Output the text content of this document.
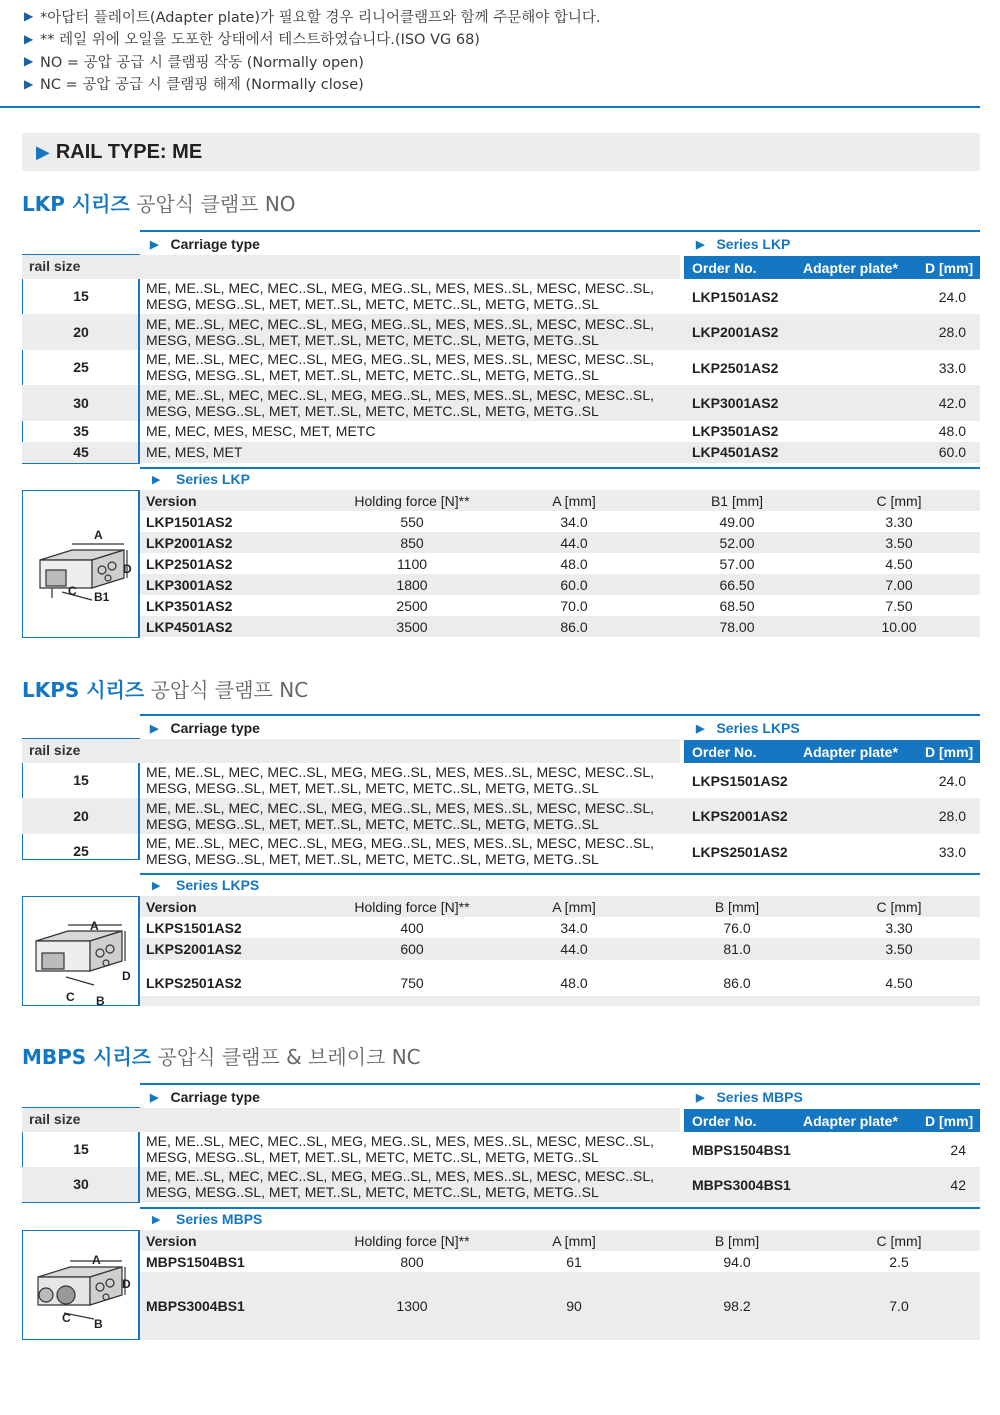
▶ *아답터 플레이트(Adapter plate)가 필요할 경우 리니어클램프와 함께 주문해야 합니다.
▶ ** 레일 위에 오일을 도포한 상태에서 테스트하였습니다.(ISO VG 68)
▶ NO = 공압 공급 시 클램핑 작동 (Normally open)
▶ NC = 공압 공급 시 클램핑 해제 (Normally close)
▶ RAIL TYPE: ME
LKP 시리즈 공압식 클램프 NO
▶ Carriage type	▶ Series LKP
rail size	Order No.	Adapter plate* D [mm]
15	ME, ME..SL, MEC, MEC..SL, MEG, MEG..SL, MES, MES..SL, MESC, MESC..SL,
MESG, MESG..SL, MET, MET..SL, METC, METC..SL, METG, METG..SL	LKP1501AS2	24.0
20	ME, ME..SL, MEC, MEC..SL, MEG, MEG..SL, MES, MES..SL, MESC, MESC..SL,
MESG, MESG..SL, MET, MET..SL, METC, METC..SL, METG, METG..SL	LKP2001AS2	28.0
25	ME, ME..SL, MEC, MEC..SL, MEG, MEG..SL, MES, MES..SL, MESC, MESC..SL,
MESG, MESG..SL, MET, MET..SL, METC, METC..SL, METG, METG..SL	LKP2501AS2	33.0
30	ME, ME..SL, MEC, MEC..SL, MEG, MEG..SL, MES, MES..SL, MESC, MESC..SL,
MESG, MESG..SL, MET, MET..SL, METC, METC..SL, METG, METG..SL	LKP3001AS2	42.0
35	ME, MEC, MES, MESC, MET, METC	LKP3501AS2	48.0
45	ME, MES, MET	LKP4501AS2	60.0
▶ Series LKP
Version	Holding force [N]**	A [mm]	B1 [mm]	C [mm]
LKP1501AS2	550	34.0	49.00	3.30
LKP2001AS2	850	44.0	52.00	3.50
LKP2501AS2	1100	48.0	57.00	4.50
LKP3001AS2	1800	60.0	66.50	7.00
LKP3501AS2	2500	70.0	68.50	7.50
LKP4501AS2	3500	86.0	78.00	10.00
A
D
C B1
LKPS 시리즈 공압식 클램프 NC
▶ Carriage type	▶ Series LKPS
rail size	Order No.	Adapter plate* D [mm]
15	ME, ME..SL, MEC, MEC..SL, MEG, MEG..SL, MES, MES..SL, MESC, MESC..SL,
MESG, MESG..SL, MET, MET..SL, METC, METC..SL, METG, METG..SL	LKPS1501AS2	24.0
20	ME, ME..SL, MEC, MEC..SL, MEG, MEG..SL, MES, MES..SL, MESC, MESC..SL,
MESG, MESG..SL, MET, MET..SL, METC, METC..SL, METG, METG..SL	LKPS2001AS2	28.0
25	ME, ME..SL, MEC, MEC..SL, MEG, MEG..SL, MES, MES..SL, MESC, MESC..SL,
MESG, MESG..SL, MET, MET..SL, METC, METC..SL, METG, METG..SL	LKPS2501AS2	33.0
▶ Series LKPS
Version	Holding force [N]**	A [mm]	B [mm]	C [mm]
LKPS1501AS2	400	34.0	76.0	3.30
LKPS2001AS2	600	44.0	81.0	3.50
LKPS2501AS2	750	48.0	86.0	4.50
A
D
C B
MBPS 시리즈 공압식 클램프 & 브레이크 NC
▶ Carriage type	▶ Series MBPS
rail size	Order No.	Adapter plate* D [mm]
15	ME, ME..SL, MEC, MEC..SL, MEG, MEG..SL, MES, MES..SL, MESC, MESC..SL,
MESG, MESG..SL, MET, MET..SL, METC, METC..SL, METG, METG..SL	MBPS1504BS1	24
30	ME, ME..SL, MEC, MEC..SL, MEG, MEG..SL, MES, MES..SL, MESC, MESC..SL,
MESG, MESG..SL, MET, MET..SL, METC, METC..SL, METG, METG..SL	MBPS3004BS1	42
▶ Series MBPS
Version	Holding force [N]**	A [mm]	B [mm]	C [mm]
MBPS1504BS1	800	61	94.0	2.5
MBPS3004BS1	1300	90	98.2	7.0
A
D
C B
